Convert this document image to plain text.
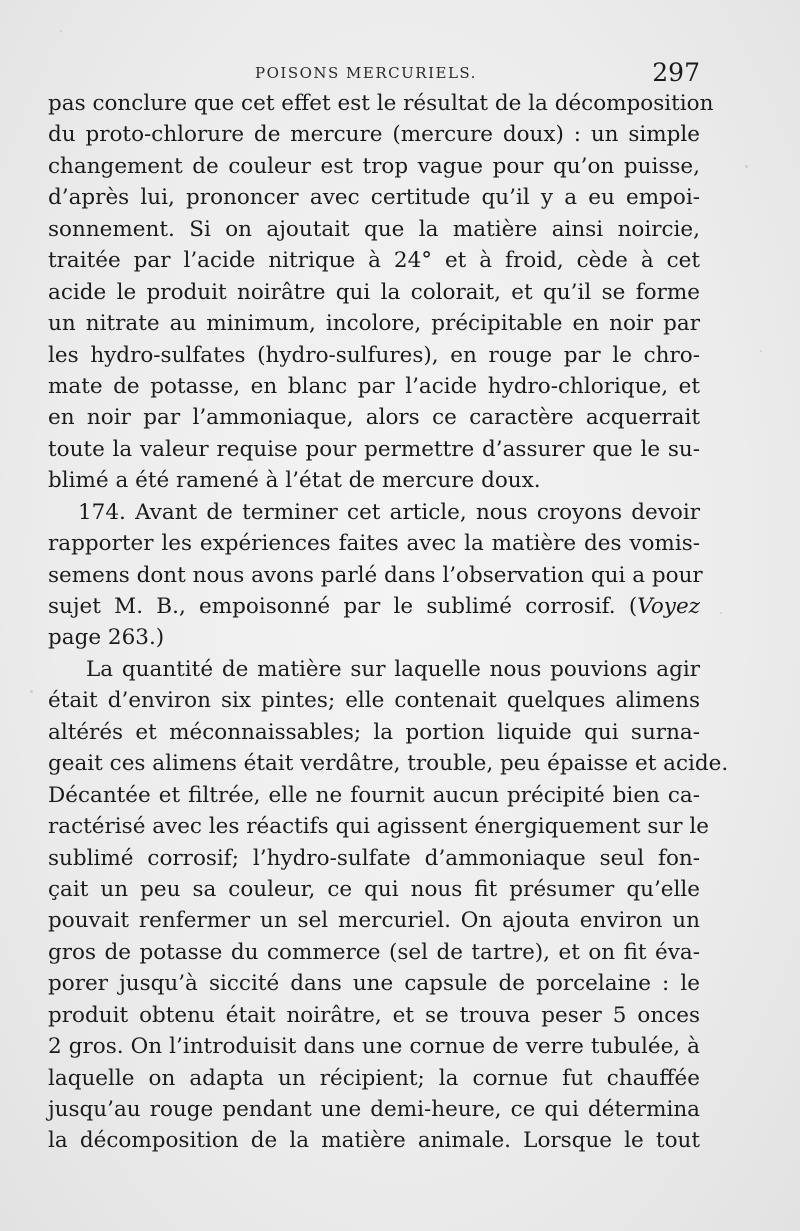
POISONS MERCURIELS.	297
pas conclure que cet effet est le résultat de la décomposition
du proto-chlorure de mercure (mercure doux) : un simple
changement de couleur est trop vague pour qu’on puisse,
d’après lui, prononcer avec certitude qu’il y a eu empoi-
sonnement. Si on ajoutait que la matière ainsi noircie,
traitée par l’acide nitrique à 24° et à froid, cède à cet
acide le produit noirâtre qui la colorait, et qu’il se forme
un nitrate au minimum, incolore, précipitable en noir par
les hydro-sulfates (hydro-sulfures), en rouge par le chro-
mate de potasse, en blanc par l’acide hydro-chlorique, et
en noir par l’ammoniaque, alors ce caractère acquerrait
toute la valeur requise pour permettre d’assurer que le su-
blimé a été ramené à l’état de mercure doux.
174. Avant de terminer cet article, nous croyons devoir
rapporter les expériences faites avec la matière des vomis-
semens dont nous avons parlé dans l’observation qui a pour
sujet M. B., empoisonné par le sublimé corrosif. (Voyez
page 263.)
La quantité de matière sur laquelle nous pouvions agir
était d’environ six pintes; elle contenait quelques alimens
altérés et méconnaissables; la portion liquide qui surna-
geait ces alimens était verdâtre, trouble, peu épaisse et acide.
Décantée et filtrée, elle ne fournit aucun précipité bien ca-
ractérisé avec les réactifs qui agissent énergiquement sur le
sublimé corrosif; l’hydro-sulfate d’ammoniaque seul fon-
çait un peu sa couleur, ce qui nous fit présumer qu’elle
pouvait renfermer un sel mercuriel. On ajouta environ un
gros de potasse du commerce (sel de tartre), et on fit éva-
porer jusqu’à siccité dans une capsule de porcelaine : le
produit obtenu était noirâtre, et se trouva peser 5 onces
2 gros. On l’introduisit dans une cornue de verre tubulée, à
laquelle on adapta un récipient; la cornue fut chauffée
jusqu’au rouge pendant une demi-heure, ce qui détermina
la décomposition de la matière animale. Lorsque le tout
